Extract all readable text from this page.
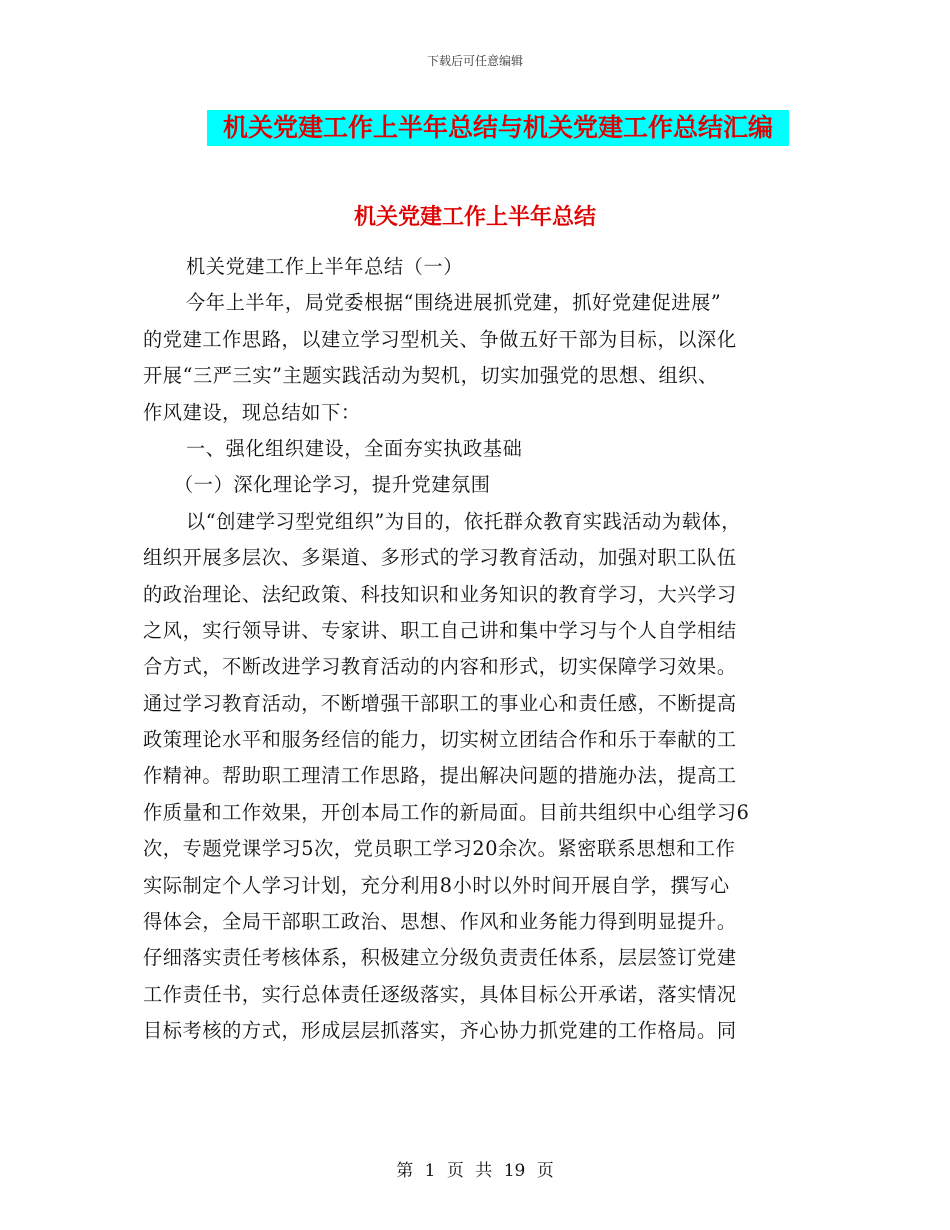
下载后可任意编辑
机关党建工作上半年总结与机关党建工作总结汇编
机关党建工作上半年总结
机关党建工作上半年总结（一）
今年上半年，局党委根据“围绕进展抓党建，抓好党建促进展”
的党建工作思路，以建立学习型机关、争做五好干部为目标，以深化
开展“三严三实”主题实践活动为契机，切实加强党的思想、组织、
作风建设，现总结如下：
一、强化组织建设，全面夯实执政基础
（一）深化理论学习，提升党建氛围
以“创建学习型党组织”为目的，依托群众教育实践活动为载体，
组织开展多层次、多渠道、多形式的学习教育活动，加强对职工队伍
的政治理论、法纪政策、科技知识和业务知识的教育学习，大兴学习
之风，实行领导讲、专家讲、职工自己讲和集中学习与个人自学相结
合方式，不断改进学习教育活动的内容和形式，切实保障学习效果。
通过学习教育活动，不断增强干部职工的事业心和责任感，不断提高
政策理论水平和服务经信的能力，切实树立团结合作和乐于奉献的工
作精神。帮助职工理清工作思路，提出解决问题的措施办法，提高工
作质量和工作效果，开创本局工作的新局面。目前共组织中心组学习6
次，专题党课学习5次，党员职工学习20余次。紧密联系思想和工作
实际制定个人学习计划，充分利用8小时以外时间开展自学，撰写心
得体会，全局干部职工政治、思想、作风和业务能力得到明显提升。
仔细落实责任考核体系，积极建立分级负责责任体系，层层签订党建
工作责任书，实行总体责任逐级落实，具体目标公开承诺，落实情况
目标考核的方式，形成层层抓落实，齐心协力抓党建的工作格局。同
第 1 页 共 19 页
